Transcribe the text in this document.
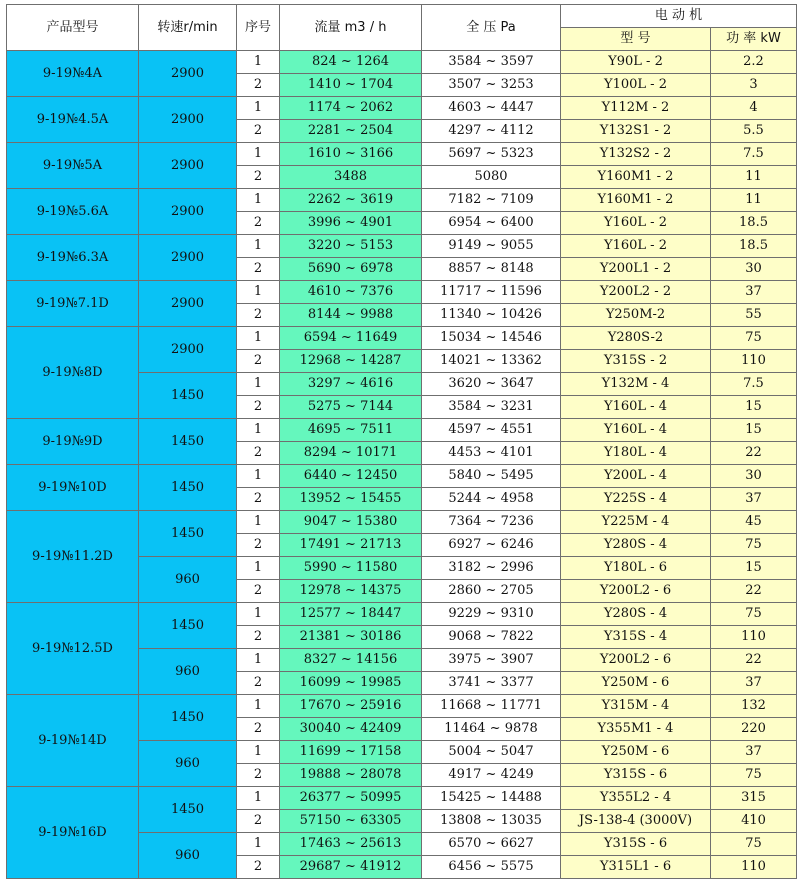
产品型号	转速r/min	序号	流量 m3 / h	全 压 Pa	电 动 机	
					型 号	功 率 kW
9-19№4A	2900	1	824 ~ 1264	3584 ~ 3597	Y90L - 2	2.2
		2	1410 ~ 1704	3507 ~ 3253	Y100L - 2	3
9-19№4.5A	2900	1	1174 ~ 2062	4603 ~ 4447	Y112M - 2	4
		2	2281 ~ 2504	4297 ~ 4112	Y132S1 - 2	5.5
9-19№5A	2900	1	1610 ~ 3166	5697 ~ 5323	Y132S2 - 2	7.5
		2	3488	5080	Y160M1 - 2	11
9-19№5.6A	2900	1	2262 ~ 3619	7182 ~ 7109	Y160M1 - 2	11
		2	3996 ~ 4901	6954 ~ 6400	Y160L - 2	18.5
9-19№6.3A	2900	1	3220 ~ 5153	9149 ~ 9055	Y160L - 2	18.5
		2	5690 ~ 6978	8857 ~ 8148	Y200L1 - 2	30
9-19№7.1D	2900	1	4610 ~ 7376	11717 ~ 11596	Y200L2 - 2	37
		2	8144 ~ 9988	11340 ~ 10426	Y250M-2	55
9-19№8D	2900	1	6594 ~ 11649	15034 ~ 14546	Y280S-2	75
		2	12968 ~ 14287	14021 ~ 13362	Y315S - 2	110
	1450	1	3297 ~ 4616	3620 ~ 3647	Y132M - 4	7.5
		2	5275 ~ 7144	3584 ~ 3231	Y160L - 4	15
9-19№9D	1450	1	4695 ~ 7511	4597 ~ 4551	Y160L - 4	15
		2	8294 ~ 10171	4453 ~ 4101	Y180L - 4	22
9-19№10D	1450	1	6440 ~ 12450	5840 ~ 5495	Y200L - 4	30
		2	13952 ~ 15455	5244 ~ 4958	Y225S - 4	37
9-19№11.2D	1450	1	9047 ~ 15380	7364 ~ 7236	Y225M - 4	45
		2	17491 ~ 21713	6927 ~ 6246	Y280S - 4	75
	960	1	5990 ~ 11580	3182 ~ 2996	Y180L - 6	15
		2	12978 ~ 14375	2860 ~ 2705	Y200L2 - 6	22
9-19№12.5D	1450	1	12577 ~ 18447	9229 ~ 9310	Y280S - 4	75
		2	21381 ~ 30186	9068 ~ 7822	Y315S - 4	110
	960	1	8327 ~ 14156	3975 ~ 3907	Y200L2 - 6	22
		2	16099 ~ 19985	3741 ~ 3377	Y250M - 6	37
9-19№14D	1450	1	17670 ~ 25916	11668 ~ 11771	Y315M - 4	132
		2	30040 ~ 42409	11464 ~ 9878	Y355M1 - 4	220
	960	1	11699 ~ 17158	5004 ~ 5047	Y250M - 6	37
		2	19888 ~ 28078	4917 ~ 4249	Y315S - 6	75
9-19№16D	1450	1	26377 ~ 50995	15425 ~ 14488	Y355L2 - 4	315
		2	57150 ~ 63305	13808 ~ 13035	JS-138-4 (3000V)	410
	960	1	17463 ~ 25613	6570 ~ 6627	Y315S - 6	75
		2	29687 ~ 41912	6456 ~ 5575	Y315L1 - 6	110
